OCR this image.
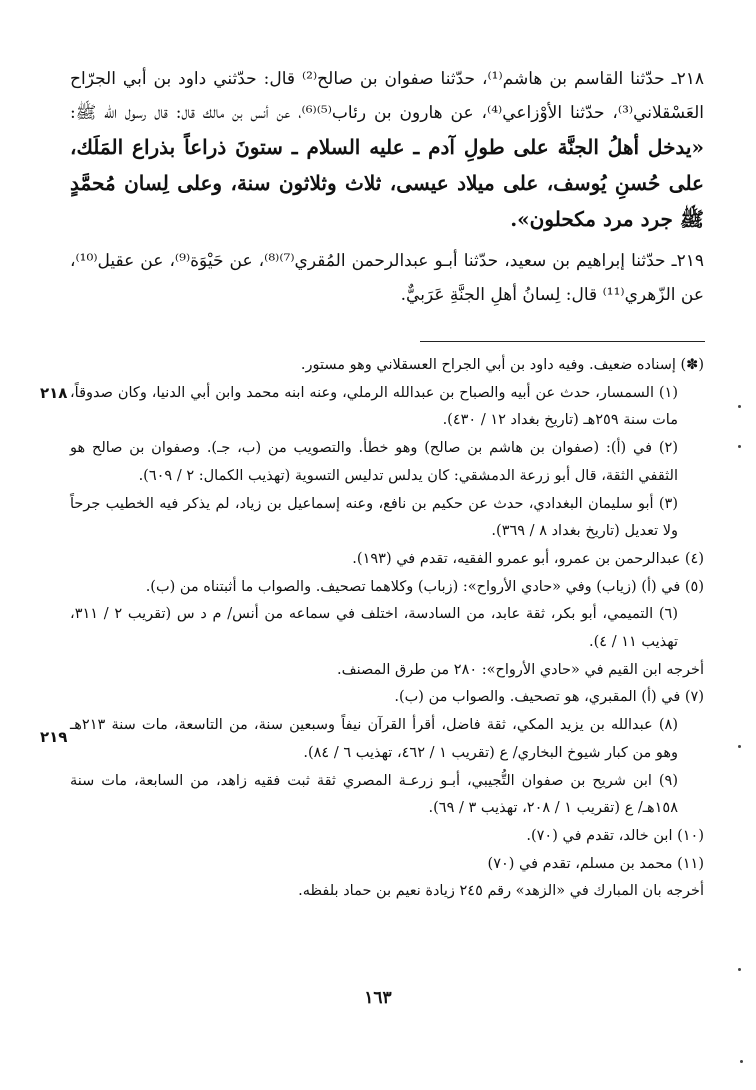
٢١٨ـ حدّثنا القاسم بن هاشم⁽¹⁾، حدّثنا صفوان بن صالح⁽²⁾ قال: حدّثني داود بن أبي الجرّاح العَسْقلاني⁽³⁾، حدّثنا الأوْزاعي⁽⁴⁾، عن هارون بن رئاب⁽⁵⁾⁽⁶⁾، عن أنس بن مالك قال: قال رسول الله ﷺ: «يدخل أهلُ الجنَّة على طولِ آدم ـ عليه السلام ـ ستونَ ذراعاً بذراع المَلَك، على حُسنِ يُوسف، على ميلاد عيسى، ثلاث وثلاثون سنة، وعلى لِسان مُحمَّدٍ ﷺ جرد مرد مكحلون».

٢١٩ـ حدّثنا إبراهيم بن سعيد، حدّثنا أبـو عبدالرحمن المُقري⁽⁷⁾⁽⁸⁾، عن حَيْوَة⁽⁹⁾، عن عقيل⁽¹⁰⁾، عن الزّهري⁽¹¹⁾ قال: لِسانُ أهلِ الجنَّةِ عَرَبيٌّ.

(✽) إسناده ضعيف. وفيه داود بن أبي الجراح العسقلاني وهو مستور.

(١) السمسار، حدث عن أبيه والصباح بن عبدالله الرملي، وعنه ابنه محمد وابن أبي الدنيا، وكان صدوقاً، مات سنة ٢٥٩هـ (تاريخ بغداد ١٢ / ٤٣٠).

(٢) في (أ): (صفوان بن هاشم بن صالح) وهو خطأ. والتصويب من (ب، جـ). وصفوان بن صالح هو الثقفي الثقة، قال أبو زرعة الدمشقي: كان يدلس تدليس التسوية (تهذيب الكمال: ٢ / ٦٠٩).

(٣) أبو سليمان البغدادي، حدث عن حكيم بن نافع، وعنه إسماعيل بن زياد، لم يذكر فيه الخطيب جرحاً ولا تعديل (تاريخ بغداد ٨ / ٣٦٩).

(٤) عبدالرحمن بن عمرو، أبو عمرو الفقيه، تقدم في (١٩٣).

(٥) في (أ) (زياب) وفي «حادي الأرواح»: (زباب) وكلاهما تصحيف. والصواب ما أثبتناه من (ب).

(٦) التميمي، أبو بكر، ثقة عابد، من السادسة، اختلف في سماعه من أنس/ م د س (تقريب ٢ / ٣١١، تهذيب ١١ / ٤).

أخرجه ابن القيم في «حادي الأرواح»: ٢٨٠ من طرق المصنف.

(٧) في (أ) المقبري، هو تصحيف. والصواب من (ب).

(٨) عبدالله بن يزيد المكي، ثقة فاضل، أقرأ القرآن نيفاً وسبعين سنة، من التاسعة، مات سنة ٢١٣هـ وهو من كبار شيوخ البخاري/ ع (تقريب ١ / ٤٦٢، تهذيب ٦ / ٨٤).

(٩) ابن شريح بن صفوان التُّجيبي، أبـو زرعـة المصري ثقة ثبت فقيه زاهد، من السابعة، مات سنة ١٥٨هـ/ ع (تقريب ١ / ٢٠٨، تهذيب ٣ / ٦٩).

(١٠) ابن خالد، تقدم في (٧٠).

(١١) محمد بن مسلم، تقدم في (٧٠)

أخرجه بان المبارك في «الزهد» رقم ٢٤٥ زيادة نعيم بن حماد بلفظه.

٢١٨
٢١٩
١٦٣
